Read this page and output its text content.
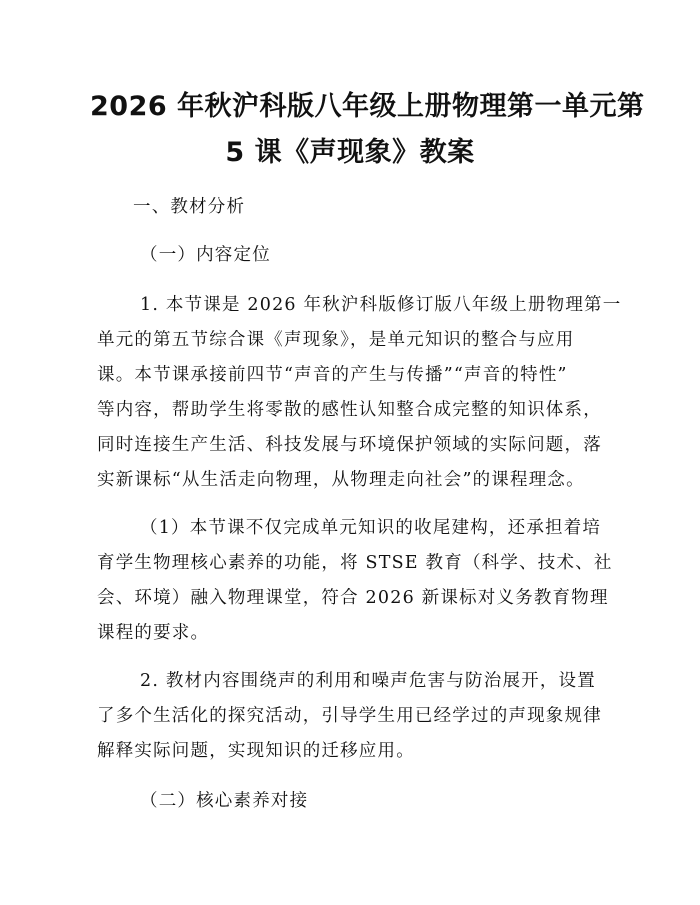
2026 年秋沪科版八年级上册物理第一单元第
5 课《声现象》教案
一、教材分析
（一）内容定位
1. 本节课是 2026 年秋沪科版修订版八年级上册物理第一
单元的第五节综合课《声现象》，是单元知识的整合与应用
课。本节课承接前四节“声音的产生与传播”“声音的特性”
等内容，帮助学生将零散的感性认知整合成完整的知识体系，
同时连接生产生活、科技发展与环境保护领域的实际问题，落
实新课标“从生活走向物理，从物理走向社会”的课程理念。
（1）本节课不仅完成单元知识的收尾建构，还承担着培
育学生物理核心素养的功能，将 STSE 教育（科学、技术、社
会、环境）融入物理课堂，符合 2026 新课标对义务教育物理
课程的要求。
2. 教材内容围绕声的利用和噪声危害与防治展开，设置
了多个生活化的探究活动，引导学生用已经学过的声现象规律
解释实际问题，实现知识的迁移应用。
（二）核心素养对接
